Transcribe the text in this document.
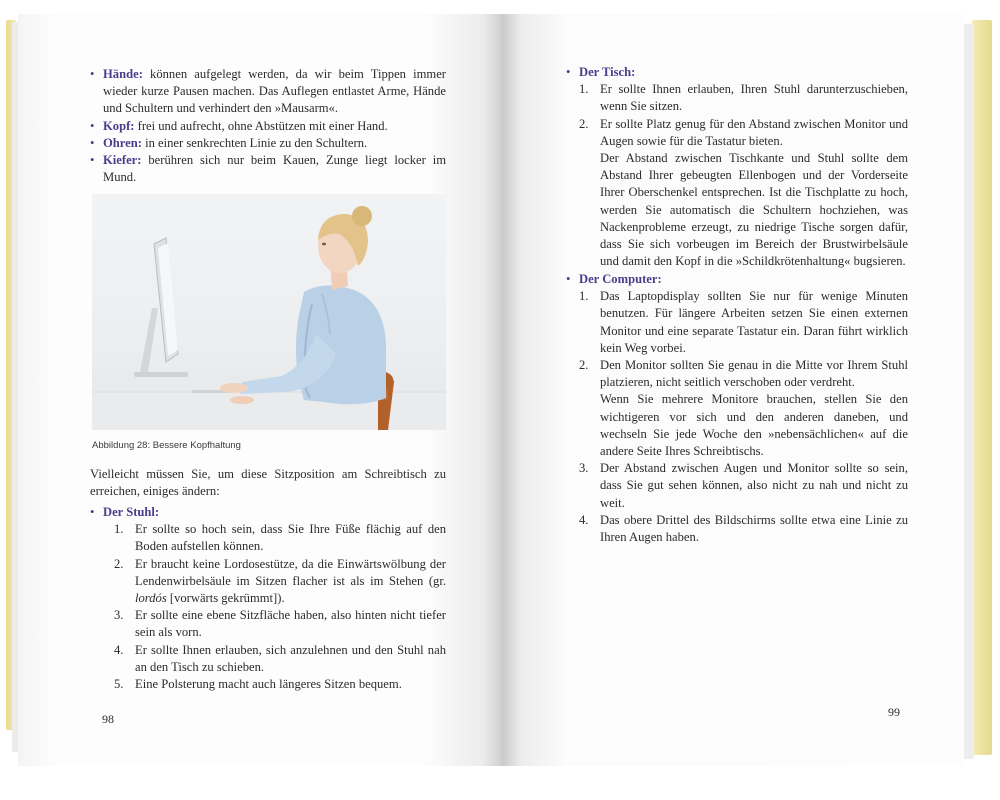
• Hände: können aufgelegt werden, da wir beim Tippen immer wieder kurze Pausen machen. Das Auflegen entlastet Arme, Hände und Schultern und verhindert den »Mausarm«.
• Kopf: frei und aufrecht, ohne Abstützen mit einer Hand.
• Ohren: in einer senkrechten Linie zu den Schultern.
• Kiefer: berühren sich nur beim Kauen, Zunge liegt locker im Mund.
Abbildung 28: Bessere Kopfhaltung
Vielleicht müssen Sie, um diese Sitzposition am Schreibtisch zu erreichen, einiges ändern:
• Der Stuhl:
1. Er sollte so hoch sein, dass Sie Ihre Füße flächig auf den Boden aufstellen können.
2. Er braucht keine Lordosestütze, da die Einwärtswölbung der Lendenwirbelsäule im Sitzen flacher ist als im Stehen (gr. lordós [vorwärts gekrümmt]).
3. Er sollte eine ebene Sitzfläche haben, also hinten nicht tiefer sein als vorn.
4. Er sollte Ihnen erlauben, sich anzulehnen und den Stuhl nah an den Tisch zu schieben.
5. Eine Polsterung macht auch längeres Sitzen bequem.
98
• Der Tisch:
1. Er sollte Ihnen erlauben, Ihren Stuhl darunterzuschieben, wenn Sie sitzen.
2. Er sollte Platz genug für den Abstand zwischen Monitor und Augen sowie für die Tastatur bieten.
Der Abstand zwischen Tischkante und Stuhl sollte dem Abstand Ihrer gebeugten Ellenbogen und der Vorderseite Ihrer Oberschenkel entsprechen. Ist die Tischplatte zu hoch, werden Sie automatisch die Schultern hochziehen, was Nackenprobleme erzeugt, zu niedrige Tische sorgen dafür, dass Sie sich vorbeugen im Bereich der Brustwirbelsäule und damit den Kopf in die »Schildkrötenhaltung« bugsieren.
• Der Computer:
1. Das Laptopdisplay sollten Sie nur für wenige Minuten benutzen. Für längere Arbeiten setzen Sie einen externen Monitor und eine separate Tastatur ein. Daran führt wirklich kein Weg vorbei.
2. Den Monitor sollten Sie genau in die Mitte vor Ihrem Stuhl platzieren, nicht seitlich verschoben oder verdreht.
Wenn Sie mehrere Monitore brauchen, stellen Sie den wichtigeren vor sich und den anderen daneben, und wechseln Sie jede Woche den »nebensächlichen« auf die andere Seite Ihres Schreibtischs.
3. Der Abstand zwischen Augen und Monitor sollte so sein, dass Sie gut sehen können, also nicht zu nah und nicht zu weit.
4. Das obere Drittel des Bildschirms sollte etwa eine Linie zu Ihren Augen haben.
99
